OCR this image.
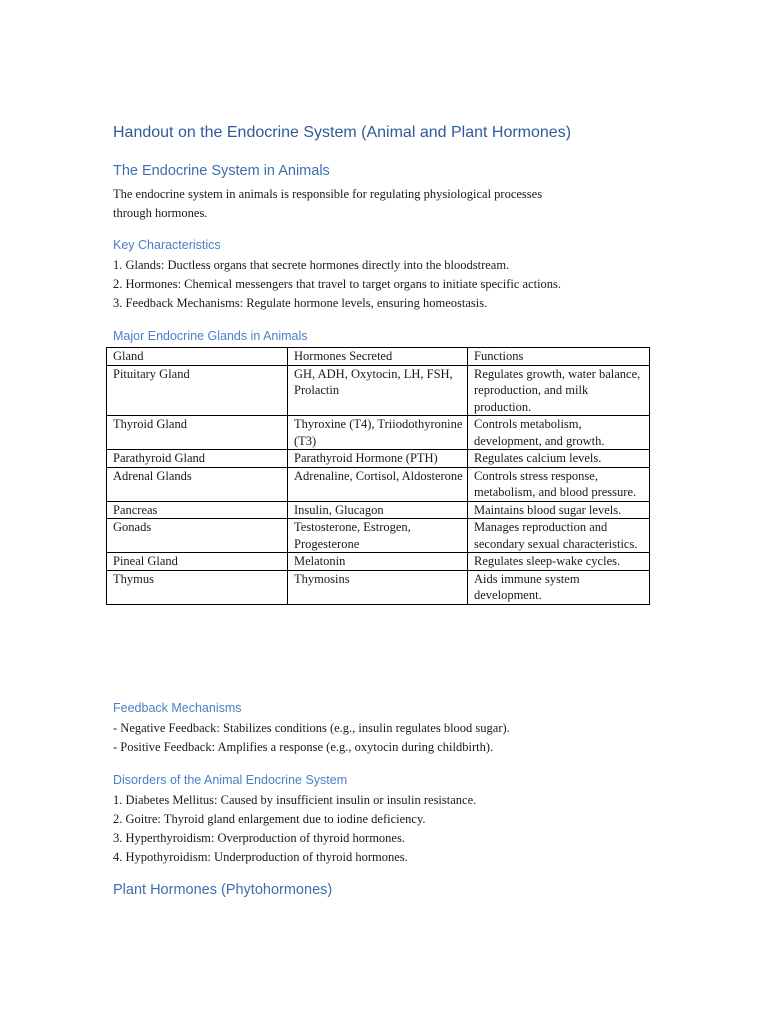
Handout on the Endocrine System (Animal and Plant Hormones)
The Endocrine System in Animals
The endocrine system in animals is responsible for regulating physiological processes
through hormones.
Key Characteristics
1. Glands: Ductless organs that secrete hormones directly into the bloodstream.
2. Hormones: Chemical messengers that travel to target organs to initiate specific actions.
3. Feedback Mechanisms: Regulate hormone levels, ensuring homeostasis.
Major Endocrine Glands in Animals
Gland	Hormones Secreted	Functions
Pituitary Gland	GH, ADH, Oxytocin, LH, FSH, Prolactin	Regulates growth, water balance, reproduction, and milk production.
Thyroid Gland	Thyroxine (T4), Triiodothyronine (T3)	Controls metabolism, development, and growth.
Parathyroid Gland	Parathyroid Hormone (PTH)	Regulates calcium levels.
Adrenal Glands	Adrenaline, Cortisol, Aldosterone	Controls stress response, metabolism, and blood pressure.
Pancreas	Insulin, Glucagon	Maintains blood sugar levels.
Gonads	Testosterone, Estrogen, Progesterone	Manages reproduction and secondary sexual characteristics.
Pineal Gland	Melatonin	Regulates sleep-wake cycles.
Thymus	Thymosins	Aids immune system development.
Feedback Mechanisms
- Negative Feedback: Stabilizes conditions (e.g., insulin regulates blood sugar).
- Positive Feedback: Amplifies a response (e.g., oxytocin during childbirth).
Disorders of the Animal Endocrine System
1. Diabetes Mellitus: Caused by insufficient insulin or insulin resistance.
2. Goitre: Thyroid gland enlargement due to iodine deficiency.
3. Hyperthyroidism: Overproduction of thyroid hormones.
4. Hypothyroidism: Underproduction of thyroid hormones.
Plant Hormones (Phytohormones)
